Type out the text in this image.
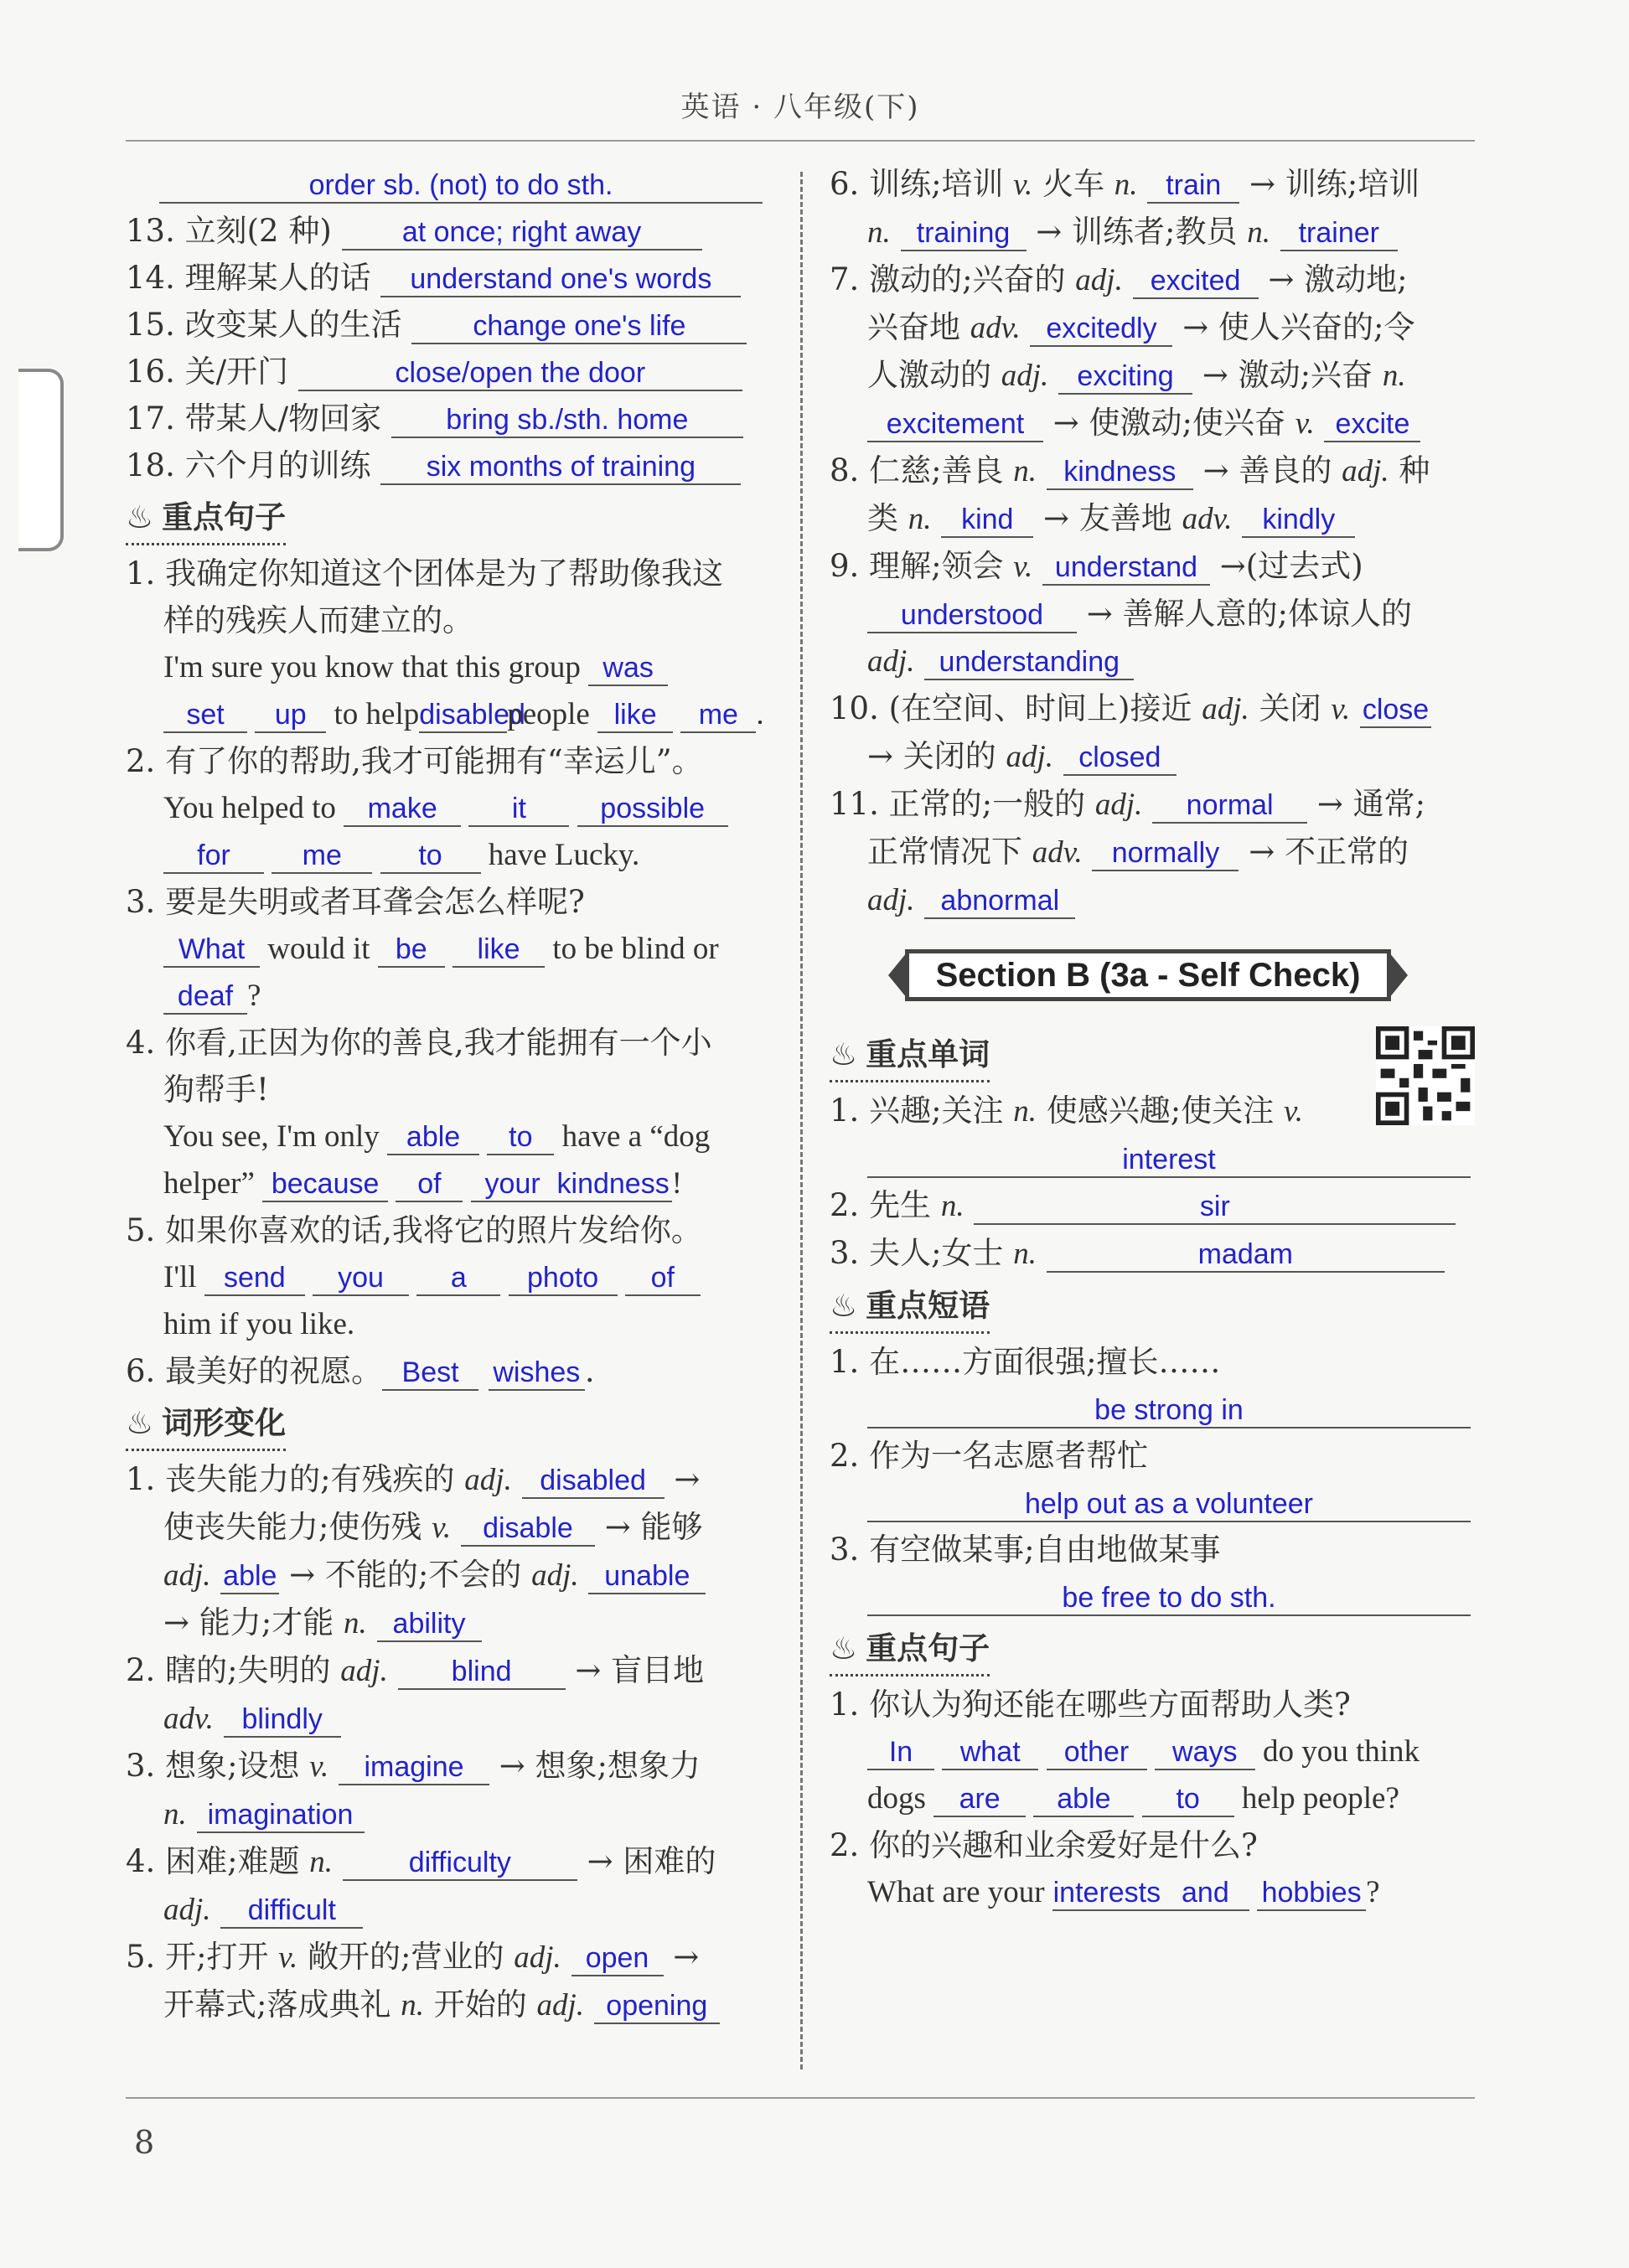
英语 · 八年级(下)
order sb. (not) to do sth.
13. 立刻(2 种) at once; right away
14. 理解某人的话 understand one's words
15. 改变某人的生活 change one's life
16. 关/开门	close/open the door
17. 带某人/物回家 bring sb./sth. home
18. 六个月的训练 six months of training
♨ 重点句子
1. 我确定你知道这个团体是为了帮助像我这
样的残疾人而建立的。
I'm sure you know that this group was
set up to helpdisabledpeople like me .
2. 有了你的帮助,我才可能拥有“幸运儿”。
You helped to make	it	possible
for	me	to have Lucky.
3. 要是失明或者耳聋会怎么样呢?
What would it be like to be blind or
deaf ?
4. 你看,正因为你的善良,我才能拥有一个小
狗帮手!
You see, I'm only able to have a “dog
helper” because of your kindness!
5. 如果你喜欢的话,我将它的照片发给你。
I'll send you a photo of
him if you like.
6. 最美好的祝愿。 Best wishes .
♨ 词形变化
1. 丧失能力的;有残疾的 adj. disabled →
使丧失能力;使伤残 v. disable → 能够
adj. able → 不能的;不会的 adj. unable
→ 能力;才能 n. ability
2. 瞎的;失明的 adj. blind → 盲目地
adv. blindly
3. 想象;设想 v. imagine → 想象;想象力
n. imagination
4. 困难;难题 n.	difficulty → 困难的
adj. difficult
5. 开;打开 v. 敞开的;营业的 adj. open →
开幕式;落成典礼 n. 开始的 adj. opening
6. 训练;培训 v. 火车 n. train → 训练;培训
n. training → 训练者;教员 n. trainer
7. 激动的;兴奋的 adj. excited → 激动地;
兴奋地 adv. excitedly → 使人兴奋的;令
人激动的 adj. exciting → 激动;兴奋 n.
excitement → 使激动;使兴奋 v. excite
8. 仁慈;善良 n. kindness → 善良的 adj. 种
类 n. kind → 友善地 adv. kindly
9. 理解;领会 v. understand →(过去式)
understood → 善解人意的;体谅人的
adj. understanding
10. (在空间、时间上)接近 adj. 关闭 v. close
→ 关闭的 adj. closed
11. 正常的;一般的 adj. normal → 通常;
正常情况下 adv. normally → 不正常的
adj. abnormal
Section B (3a - Self Check)
♨ 重点单词
1. 兴趣;关注 n. 使感兴趣;使关注 v.
interest
2. 先生 n.	sir
3. 夫人;女士 n.	madam
♨ 重点短语
1. 在……方面很强;擅长……
be strong in
2. 作为一名志愿者帮忙
help out as a volunteer
3. 有空做某事;自由地做某事
be free to do sth.
♨ 重点句子
1. 你认为狗还能在哪些方面帮助人类?
In what other ways do you think
dogs are able to help people?
2. 你的兴趣和业余爱好是什么?
What are your interests and hobbies ?
8
